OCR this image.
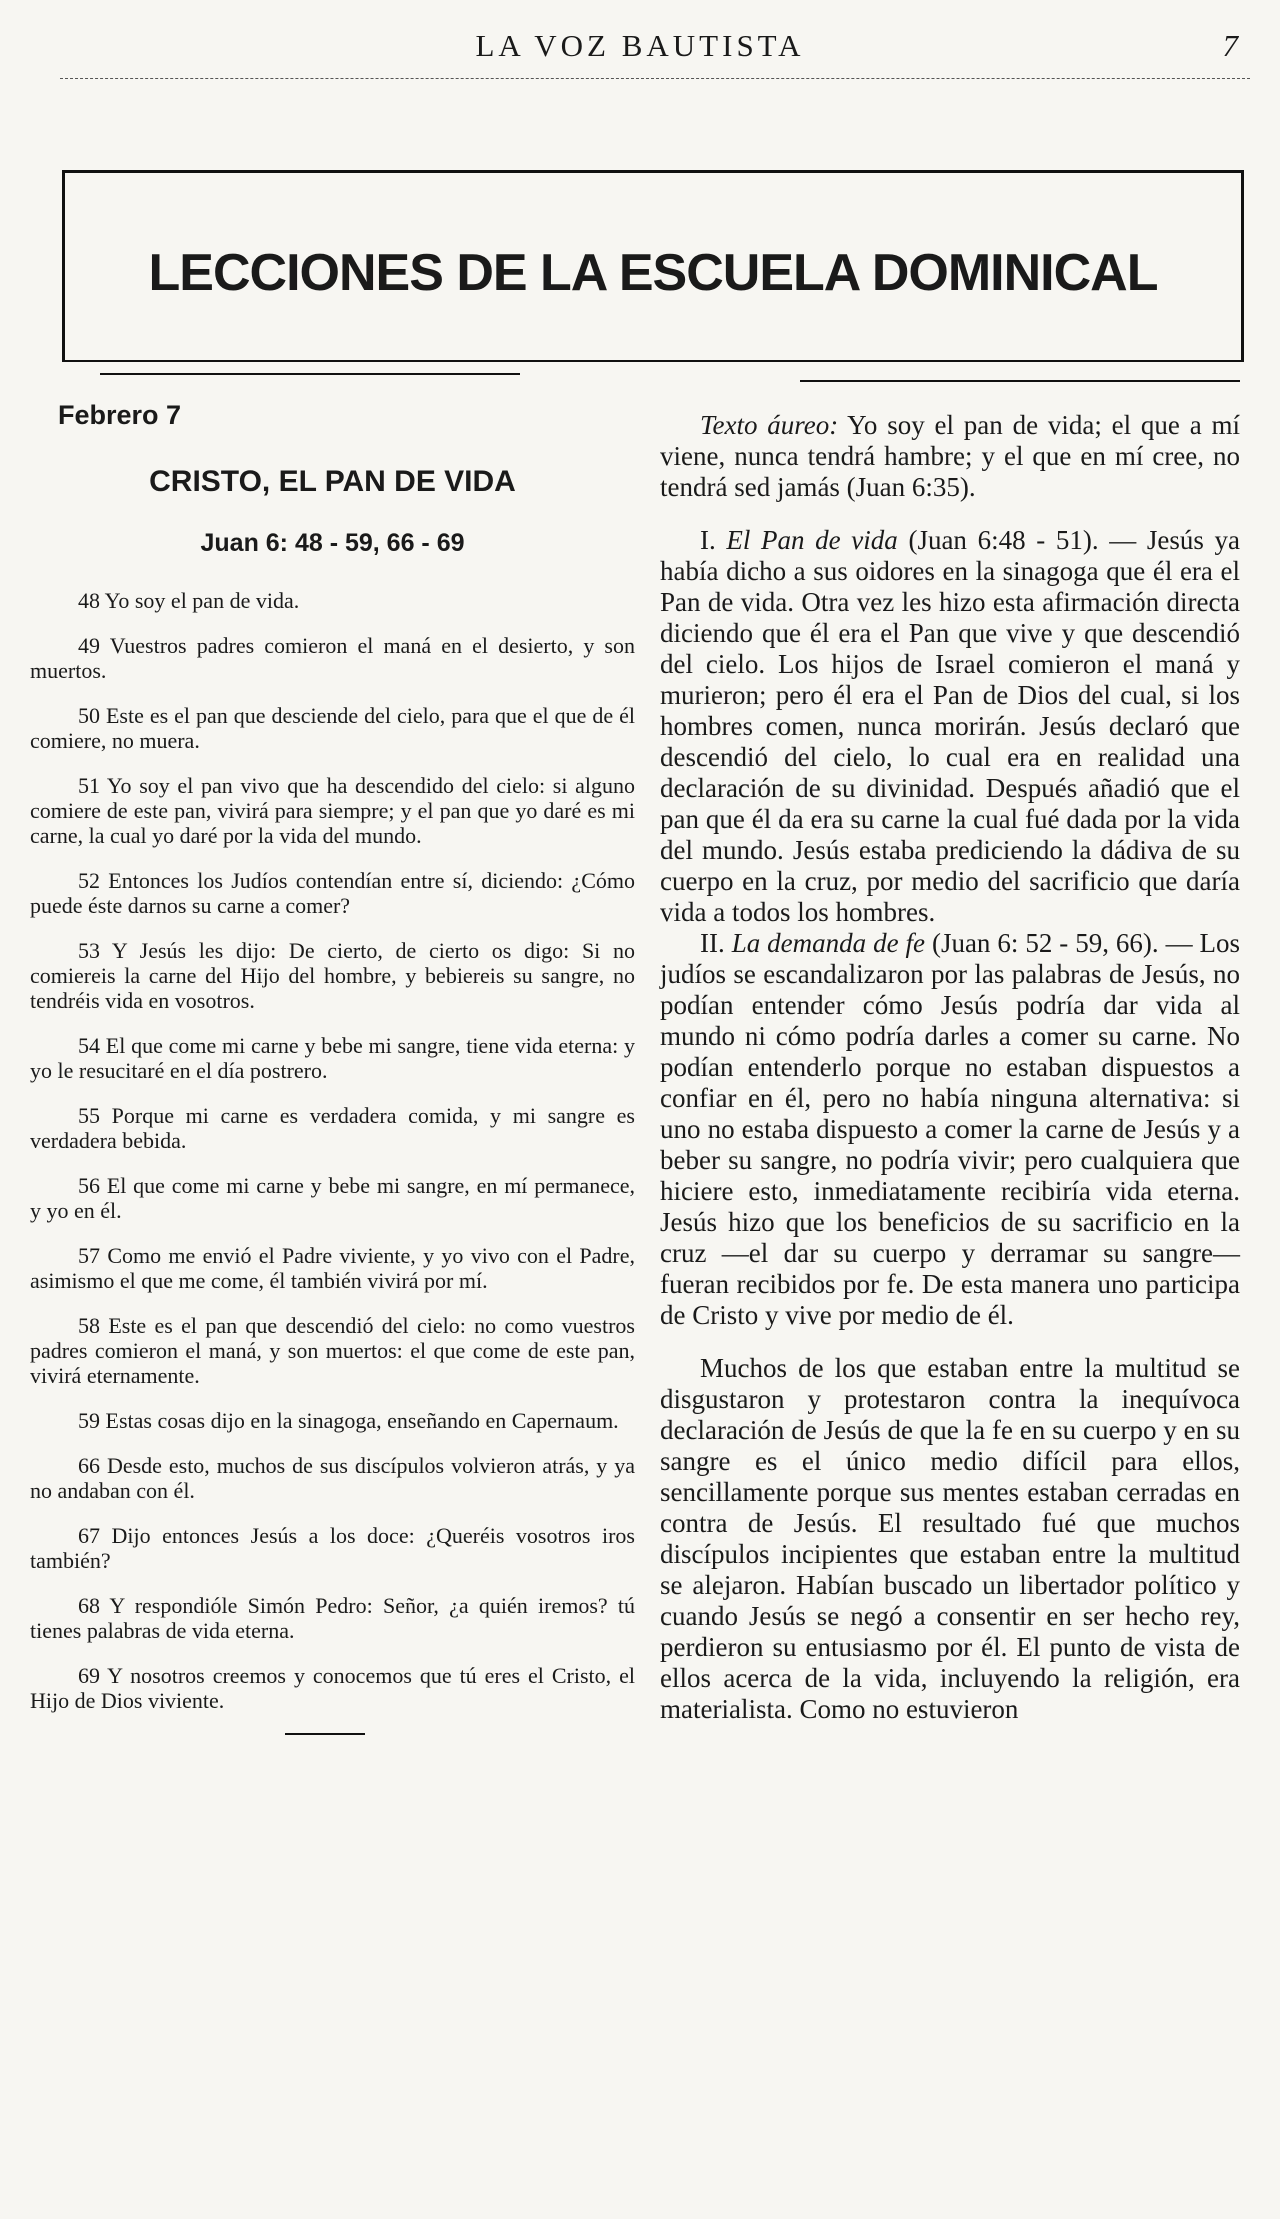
LA VOZ BAUTISTA	7
LECCIONES DE LA ESCUELA DOMINICAL
Febrero 7
CRISTO, EL PAN DE VIDA
Juan 6: 48 - 59, 66 - 69

48 Yo soy el pan de vida.

49 Vuestros padres comieron el maná en el desierto, y son muertos.

50 Este es el pan que desciende del cielo, para que el que de él comiere, no muera.

51 Yo soy el pan vivo que ha descendido del cielo: si alguno comiere de este pan, vivirá para siempre; y el pan que yo daré es mi carne, la cual yo daré por la vida del mundo.

52 Entonces los Judíos contendían entre sí, diciendo: ¿Cómo puede éste darnos su carne a comer?

53 Y Jesús les dijo: De cierto, de cierto os digo: Si no comiereis la carne del Hijo del hombre, y bebiereis su sangre, no tendréis vida en vosotros.

54 El que come mi carne y bebe mi sangre, tiene vida eterna: y yo le resucitaré en el día postrero.

55 Porque mi carne es verdadera comida, y mi sangre es verdadera bebida.

56 El que come mi carne y bebe mi sangre, en mí permanece, y yo en él.

57 Como me envió el Padre viviente, y yo vivo con el Padre, asimismo el que me come, él también vivirá por mí.

58 Este es el pan que descendió del cielo: no como vuestros padres comieron el maná, y son muertos: el que come de este pan, vivirá eternamente.

59 Estas cosas dijo en la sinagoga, enseñando en Capernaum.

66 Desde esto, muchos de sus discípulos volvieron atrás, y ya no andaban con él.

67 Dijo entonces Jesús a los doce: ¿Queréis vosotros iros también?

68 Y respondióle Simón Pedro: Señor, ¿a quién iremos? tú tienes palabras de vida eterna.

69 Y nosotros creemos y conocemos que tú eres el Cristo, el Hijo de Dios viviente.

Texto áureo: Yo soy el pan de vida; el que a mí viene, nunca tendrá hambre; y el que en mí cree, no tendrá sed jamás (Juan 6:35).

I. El Pan de vida (Juan 6:48 - 51). — Jesús ya había dicho a sus oidores en la sinagoga que él era el Pan de vida. Otra vez les hizo esta afirmación directa diciendo que él era el Pan que vive y que descendió del cielo. Los hijos de Israel comieron el maná y murieron; pero él era el Pan de Dios del cual, si los hombres comen, nunca morirán. Jesús declaró que descendió del cielo, lo cual era en realidad una declaración de su divinidad. Después añadió que el pan que él da era su carne la cual fué dada por la vida del mundo. Jesús estaba prediciendo la dádiva de su cuerpo en la cruz, por medio del sacrificio que daría vida a todos los hombres.

II. La demanda de fe (Juan 6: 52 - 59, 66). — Los judíos se escandalizaron por las palabras de Jesús, no podían entender cómo Jesús podría dar vida al mundo ni cómo podría darles a comer su carne. No podían entenderlo porque no estaban dispuestos a confiar en él, pero no había ninguna alternativa: si uno no estaba dispuesto a comer la carne de Jesús y a beber su sangre, no podría vivir; pero cualquiera que hiciere esto, inmediatamente recibiría vida eterna. Jesús hizo que los beneficios de su sacrificio en la cruz —el dar su cuerpo y derramar su sangre— fueran recibidos por fe. De esta manera uno participa de Cristo y vive por medio de él.

Muchos de los que estaban entre la multitud se disgustaron y protestaron contra la inequívoca declaración de Jesús de que la fe en su cuerpo y en su sangre es el único medio difícil para ellos, sencillamente porque sus mentes estaban cerradas en contra de Jesús. El resultado fué que muchos discípulos incipientes que estaban entre la multitud se alejaron. Habían buscado un libertador político y cuando Jesús se negó a consentir en ser hecho rey, perdieron su entusiasmo por él. El punto de vista de ellos acerca de la vida, incluyendo la religión, era materialista. Como no estuvieron
